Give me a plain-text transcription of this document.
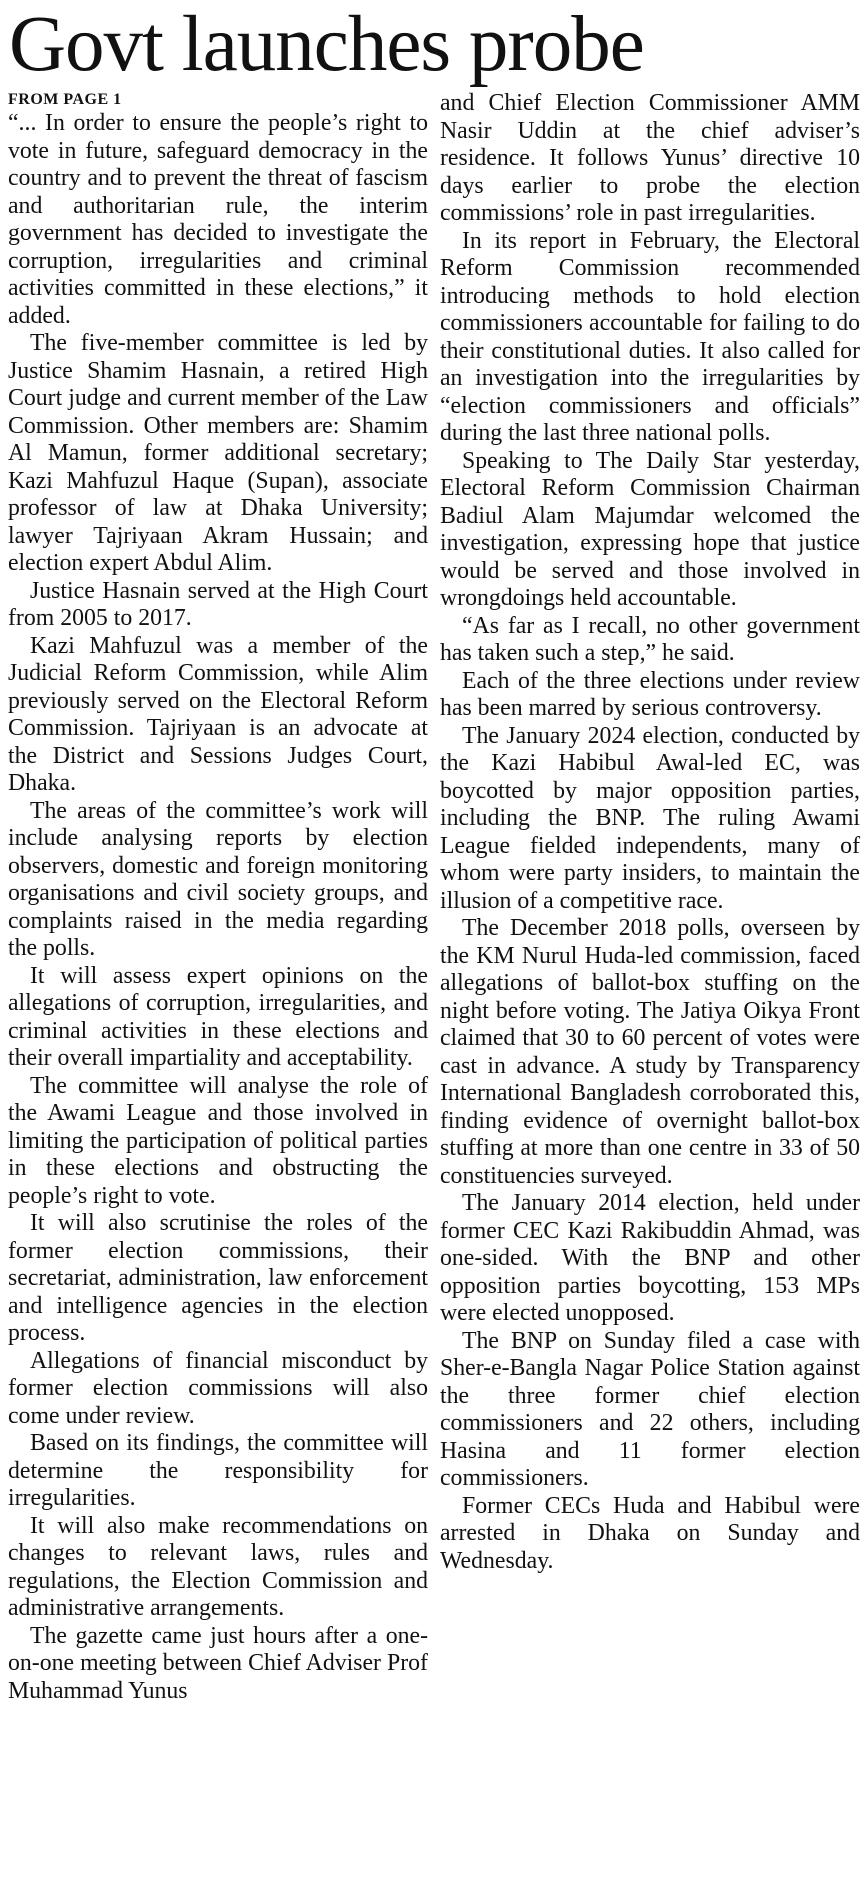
Govt launches probe
FROM PAGE 1

“... In order to ensure the people’s right to vote in future, safeguard democracy in the country and to prevent the threat of fascism and authoritarian rule, the interim government has decided to investigate the corruption, irregularities and criminal activities committed in these elections,” it added.

The five-member committee is led by Justice Shamim Hasnain, a retired High Court judge and current member of the Law Commission. Other members are: Shamim Al Mamun, former additional secretary; Kazi Mahfuzul Haque (Supan), associate professor of law at Dhaka University; lawyer Tajriyaan Akram Hussain; and election expert Abdul Alim.

Justice Hasnain served at the High Court from 2005 to 2017.

Kazi Mahfuzul was a member of the Judicial Reform Commission, while Alim previously served on the Electoral Reform Commission. Tajriyaan is an advocate at the District and Sessions Judges Court, Dhaka.

The areas of the committee’s work will include analysing reports by election observers, domestic and foreign monitoring organisations and civil society groups, and complaints raised in the media regarding the polls.

It will assess expert opinions on the allegations of corruption, irregularities, and criminal activities in these elections and their overall impartiality and acceptability.

The committee will analyse the role of the Awami League and those involved in limiting the participation of political parties in these elections and obstructing the people’s right to vote.

It will also scrutinise the roles of the former election commissions, their secretariat, administration, law enforcement and intelligence agencies in the election process.

Allegations of financial misconduct by former election commissions will also come under review.

Based on its findings, the committee will determine the responsibility for irregularities.

It will also make recommendations on changes to relevant laws, rules and regulations, the Election Commission and administrative arrangements.

The gazette came just hours after a one-on-one meeting between Chief Adviser Prof Muhammad Yunus

and Chief Election Commissioner AMM Nasir Uddin at the chief adviser’s residence. It follows Yunus’ directive 10 days earlier to probe the election commissions’ role in past irregularities.

In its report in February, the Electoral Reform Commission recommended introducing methods to hold election commissioners accountable for failing to do their constitutional duties. It also called for an investigation into the irregularities by “election commissioners and officials” during the last three national polls.

Speaking to The Daily Star yesterday, Electoral Reform Commission Chairman Badiul Alam Majumdar welcomed the investigation, expressing hope that justice would be served and those involved in wrongdoings held accountable.

“As far as I recall, no other government has taken such a step,” he said.

Each of the three elections under review has been marred by serious controversy.

The January 2024 election, conducted by the Kazi Habibul Awal-led EC, was boycotted by major opposition parties, including the BNP. The ruling Awami League fielded independents, many of whom were party insiders, to maintain the illusion of a competitive race.

The December 2018 polls, overseen by the KM Nurul Huda-led commission, faced allegations of ballot-box stuffing on the night before voting. The Jatiya Oikya Front claimed that 30 to 60 percent of votes were cast in advance. A study by Transparency International Bangladesh corroborated this, finding evidence of overnight ballot-box stuffing at more than one centre in 33 of 50 constituencies surveyed.

The January 2014 election, held under former CEC Kazi Rakibuddin Ahmad, was one-sided. With the BNP and other opposition parties boycotting, 153 MPs were elected unopposed.

The BNP on Sunday filed a case with Sher-e-Bangla Nagar Police Station against the three former chief election commissioners and 22 others, including Hasina and 11 former election commissioners.

Former CECs Huda and Habibul were arrested in Dhaka on Sunday and Wednesday.
